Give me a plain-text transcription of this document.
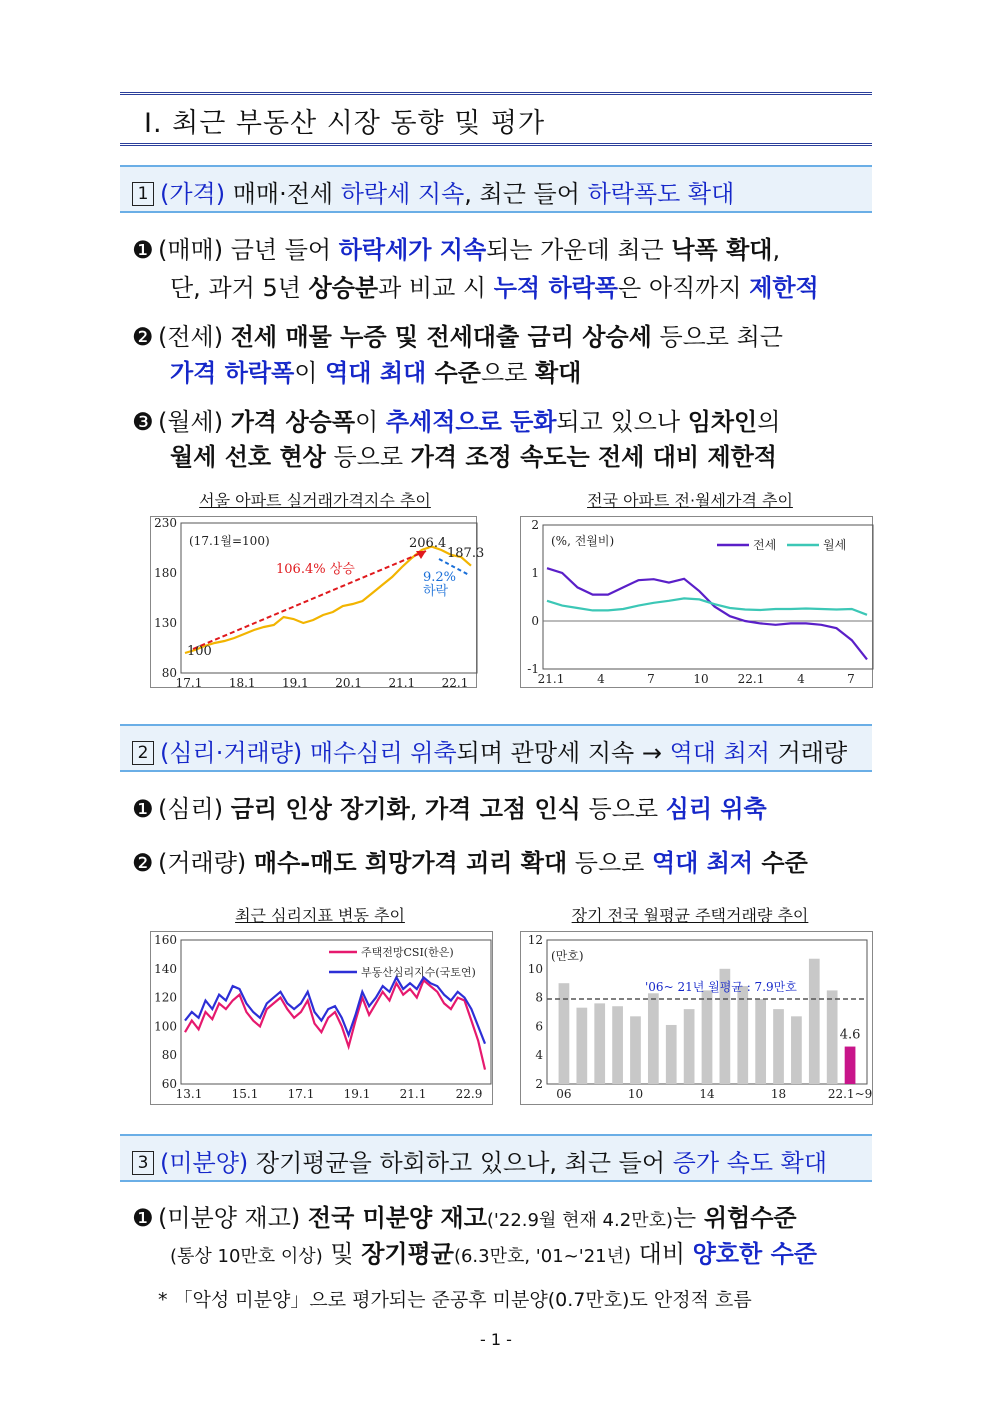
Ⅰ. 최근 부동산 시장 동향 및 평가
1 (가격) 매매·전세 하락세 지속, 최근 들어 하락폭도 확대
❶ (매매) 금년 들어 하락세가 지속되는 가운데 최근 낙폭 확대,
단, 과거 5년 상승분과 비교 시 누적 하락폭은 아직까지 제한적
❷ (전세) 전세 매물 누증 및 전세대출 금리 상승세 등으로 최근
가격 하락폭이 역대 최대 수준으로 확대
❸ (월세) 가격 상승폭이 추세적으로 둔화되고 있으나 임차인의
월세 선호 현상 등으로 가격 조정 속도는 전세 대비 제한적
서울 아파트 실거래가격지수 추이
80
130
180
230
17.1 18.1 19.1 20.1 21.1 22.1
(17.1월=100)
106.4% 상승
9.2%
하락
206.4
187.3
100
전국 아파트 전·월세가격 추이
-1
0
1
2
21.1	4	7	10 22.1	4	7
(%, 전월비)	전세	월세
2 (심리·거래량) 매수심리 위축되며 관망세 지속 → 역대 최저 거래량
❶ (심리) 금리 인상 장기화, 가격 고점 인식 등으로 심리 위축
❷ (거래량) 매수-매도 희망가격 괴리 확대 등으로 역대 최저 수준
최근 심리지표 변동 추이
60
80
100
120
140
160
13.1 15.1 17.1 19.1 21.1 22.9
주택전망CSI(한은)
부동산심리지수(국토연)
장기 전국 월평균 주택거래량 추이
2
4
6
8
10
12
06	10	14	18	22.1~9
'06~ 21년 월평균 : 7.9만호
(만호)
4.6
3 (미분양) 장기평균을 하회하고 있으나, 최근 들어 증가 속도 확대
❶ (미분양 재고) 전국 미분양 재고('22.9월 현재 4.2만호)는 위험수준
(통상 10만호 이상) 및 장기평균(6.3만호, '01~'21년) 대비 양호한 수준
* 「악성 미분양」으로 평가되는 준공후 미분양(0.7만호)도 안정적 흐름
- 1 -
